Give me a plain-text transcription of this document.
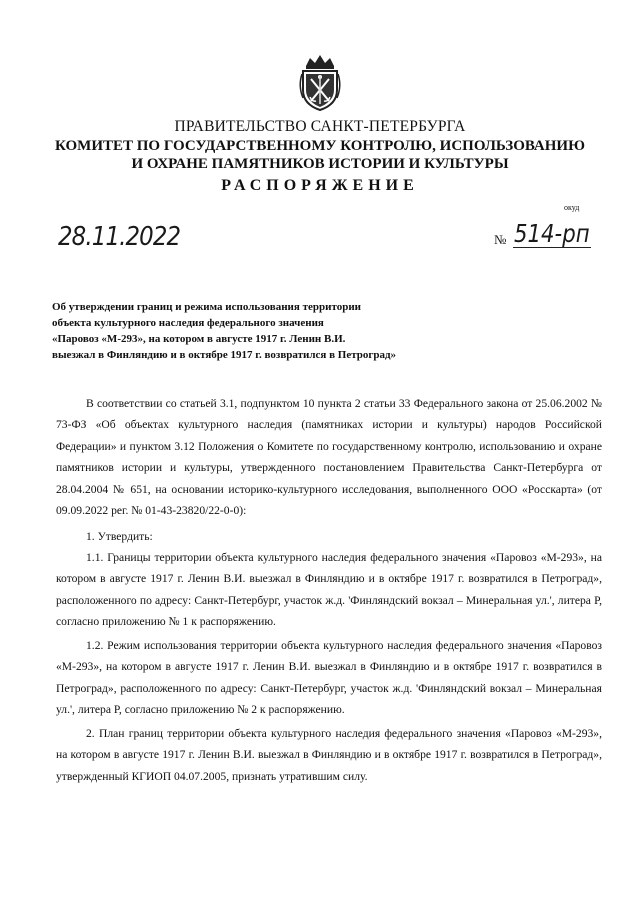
ПРАВИТЕЛЬСТВО САНКТ-ПЕТЕРБУРГА
КОМИТЕТ ПО ГОСУДАРСТВЕННОМУ КОНТРОЛЮ, ИСПОЛЬЗОВАНИЮ
И ОХРАНЕ ПАМЯТНИКОВ ИСТОРИИ И КУЛЬТУРЫ
РАСПОРЯЖЕНИЕ
окуд
28.11.2022	№ 514-рп
Об утверждении границ и режима использования территории
объекта культурного наследия федерального значения
«Паровоз «М-293», на котором в августе 1917 г. Ленин В.И.
выезжал в Финляндию и в октябре 1917 г. возвратился в Петроград»
В соответствии со статьей 3.1, подпунктом 10 пункта 2 статьи 33 Федерального закона от 25.06.2002 № 73-ФЗ «Об объектах культурного наследия (памятниках истории и культуры) народов Российской Федерации» и пунктом 3.12 Положения о Комитете по государственному контролю, использованию и охране памятников истории и культуры, утвержденного постановлением Правительства Санкт-Петербурга от 28.04.2004 № 651, на основании историко-культурного исследования, выполненного ООО «Росскарта» (от 09.09.2022 рег. № 01-43-23820/22-0-0):
1. Утвердить:
1.1. Границы территории объекта культурного наследия федерального значения «Паровоз «М-293», на котором в августе 1917 г. Ленин В.И. выезжал в Финляндию и в октябре 1917 г. возвратился в Петроград», расположенного по адресу: Санкт-Петербург, участок ж.д. 'Финляндский вокзал – Минеральная ул.', литера Р, согласно приложению № 1 к распоряжению.
1.2. Режим использования территории объекта культурного наследия федерального значения «Паровоз «М-293», на котором в августе 1917 г. Ленин В.И. выезжал в Финляндию и в октябре 1917 г. возвратился в Петроград», расположенного по адресу: Санкт-Петербург, участок ж.д. 'Финляндский вокзал – Минеральная ул.', литера Р, согласно приложению № 2 к распоряжению.
2. План границ территории объекта культурного наследия федерального значения «Паровоз «М-293», на котором в августе 1917 г. Ленин В.И. выезжал в Финляндию и в октябре 1917 г. возвратился в Петроград», утвержденный КГИОП 04.07.2005, признать утратившим силу.
